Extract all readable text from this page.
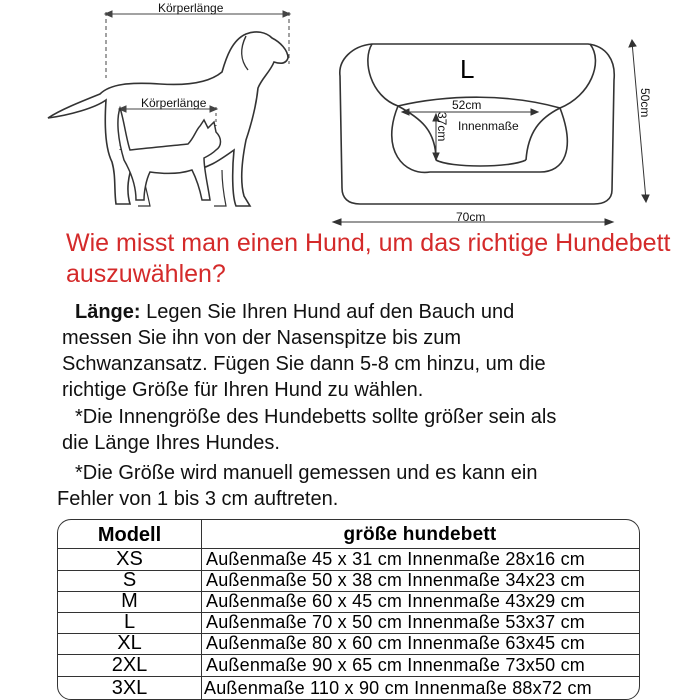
Körperlänge
Körperlänge
L
52cm
37cm Innenmaße
50cm
70cm
Wie misst man einen Hund, um das richtige Hundebett auszuwählen?
Länge: Legen Sie Ihren Hund auf den Bauch und
messen Sie ihn von der Nasenspitze bis zum
Schwanzansatz. Fügen Sie dann 5-8 cm hinzu, um die
richtige Größe für Ihren Hund zu wählen.
*Die Innengröße des Hundebetts sollte größer sein als
die Länge Ihres Hundes.
*Die Größe wird manuell gemessen und es kann ein
Fehler von 1 bis 3 cm auftreten.
Modell	größe hundebett
XS	Außenmaße 45 x 31 cm Innenmaße 28x16 cm
S	Außenmaße 50 x 38 cm Innenmaße 34x23 cm
M	Außenmaße 60 x 45 cm Innenmaße 43x29 cm
L	Außenmaße 70 x 50 cm Innenmaße 53x37 cm
XL	Außenmaße 80 x 60 cm Innenmaße 63x45 cm
2XL	Außenmaße 90 x 65 cm Innenmaße 73x50 cm
3XL	Außenmaße 110 x 90 cm Innenmaße 88x72 cm
